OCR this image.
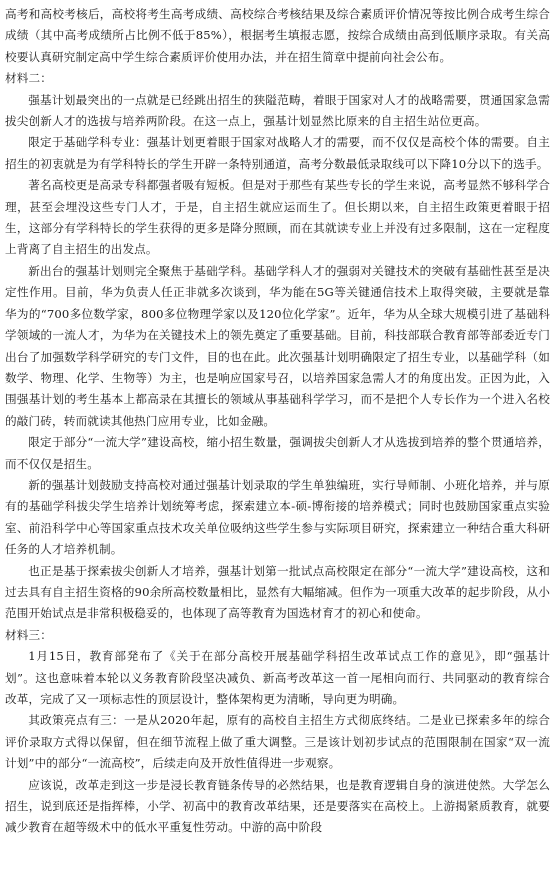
高考和高校考核后，高校将考生高考成绩、高校综合考核结果及综合素质评价情况等按比例合成考生综合成绩（其中高考成绩所占比例不低于85%），根据考生填报志愿，按综合成绩由高到低顺序录取。有关高校要认真研究制定高中学生综合素质评价使用办法，并在招生简章中提前向社会公布。

材料二：

强基计划最突出的一点就是已经跳出招生的狭隘范畴，着眼于国家对人才的战略需要，贯通国家急需拔尖创新人才的选拔与培养两阶段。在这一点上，强基计划显然比原来的自主招生站位更高。

限定于基础学科专业：强基计划更着眼于国家对战略人才的需要，而不仅仅是高校个体的需要。自主招生的初衷就是为有学科特长的学生开辟一条特别通道，高考分数最低录取线可以下降10分以下的选手。

著名高校更是高录专科都强者吸有短板。但是对于那些有某些专长的学生来说，高考显然不够科学合理，甚至会埋没这些专门人才，于是，自主招生就应运而生了。但长期以来，自主招生政策更着眼于招生，这部分有学科特长的学生获得的更多是降分照顾，而在其就读专业上并没有过多限制，这在一定程度上背离了自主招生的出发点。

新出台的强基计划则完全聚焦于基础学科。基础学科人才的强弱对关键技术的突破有基础性甚至是决定性作用。目前，华为负责人任正非就多次谈到，华为能在5G等关键通信技术上取得突破，主要就是靠华为的“700多位数学家，800多位物理学家以及120位化学家”。近年，华为从全球大规模引进了基础科学领域的一流人才，为华为在关键技术上的领先奠定了重要基础。目前，科技部联合教育部等部委近专门出台了加强数学科学研究的专门文件，目的也在此。此次强基计划明确限定了招生专业，以基础学科（如数学、物理、化学、生物等）为主，也是响应国家号召，以培养国家急需人才的角度出发。正因为此，入围强基计划的考生基本上都高录在其擅长的领域从事基础科学学习，而不是把个人专长作为一个进入名校的敲门砖，转而就读其他热门应用专业，比如金融。

限定于部分“一流大学”建设高校，缩小招生数量，强调拔尖创新人才从选拔到培养的整个贯通培养，而不仅仅是招生。

新的强基计划鼓励支持高校对通过强基计划录取的学生单独编班，实行导师制、小班化培养，并与原有的基础学科拔尖学生培养计划统筹考虑，探索建立本-硕-博衔接的培养模式；同时也鼓励国家重点实验室、前沿科学中心等国家重点技术攻关单位吸纳这些学生参与实际项目研究，探索建立一种结合重大科研任务的人才培养机制。

也正是基于探索拔尖创新人才培养，强基计划第一批试点高校限定在部分“一流大学”建设高校，这和过去具有自主招生资格的90余所高校数量相比，显然有大幅缩减。但作为一项重大改革的起步阶段，从小范围开始试点是非常积极稳妥的，也体现了高等教育为国选材育才的初心和使命。

材料三：

1月15日，教育部発布了《关于在部分高校开展基础学科招生改革试点工作的意见》，即“强基计划”。这也意味着本轮以义务教育阶段坚决减负、新高考改革这一首一尾相向而行、共同驱动的教育综合改革，完成了又一项标志性的顶层设计，整体架构更为清晰，导向更为明确。

其政策亮点有三：一是从2020年起，原有的高校自主招生方式彻底终结。二是业已探索多年的综合评价录取方式得以保留，但在细节流程上做了重大调整。三是该计划初步试点的范围限制在国家“双一流计划”中的部分“一流高校”，后续走向及开放性值得进一步观察。

应该说，改革走到这一步是浸长教育链条传导的必然结果，也是教育逻辑自身的演进使然。大学怎么招生，说到底还是指挥棒，小学、初高中的教育改革结果，还是要落实在高校上。上游揭紧质教育，就要减少教育在超等级术中的低水平重复性劳动。中游的高中阶段
